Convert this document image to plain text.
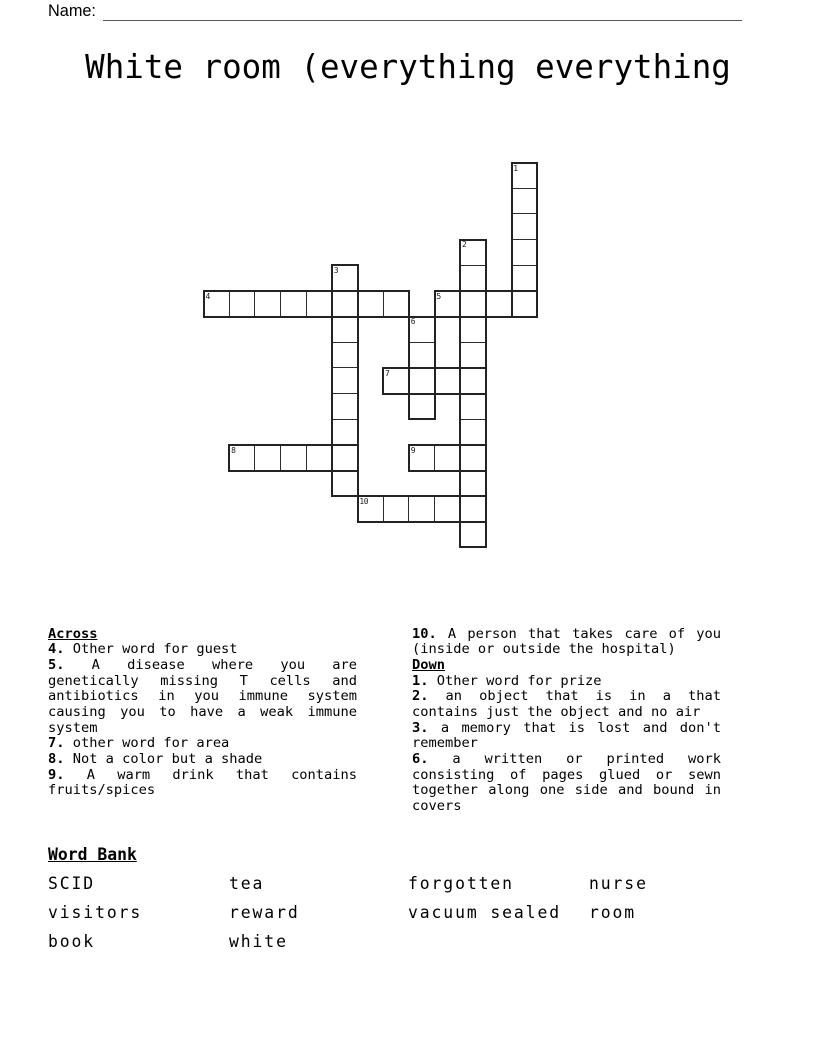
Name:
White room (everything everything
1
2
3
4	5
6
7
8	9
10
Across
4. Other word for guest
5. A disease where you are genetically missing T cells and antibiotics in you immune system causing you to have a weak immune system
7. other word for area
8. Not a color but a shade
9. A warm drink that contains fruits/spices
10. A person that takes care of you (inside or outside the hospital)
Down
1. Other word for prize
2. an object that is in a that contains just the object and no air
3. a memory that is lost and don't remember
6. a written or printed work consisting of pages glued or sewn together along one side and bound in covers
Word Bank
SCID	tea	forgotten	nurse
visitors	reward	vacuum sealed	room
book	white
